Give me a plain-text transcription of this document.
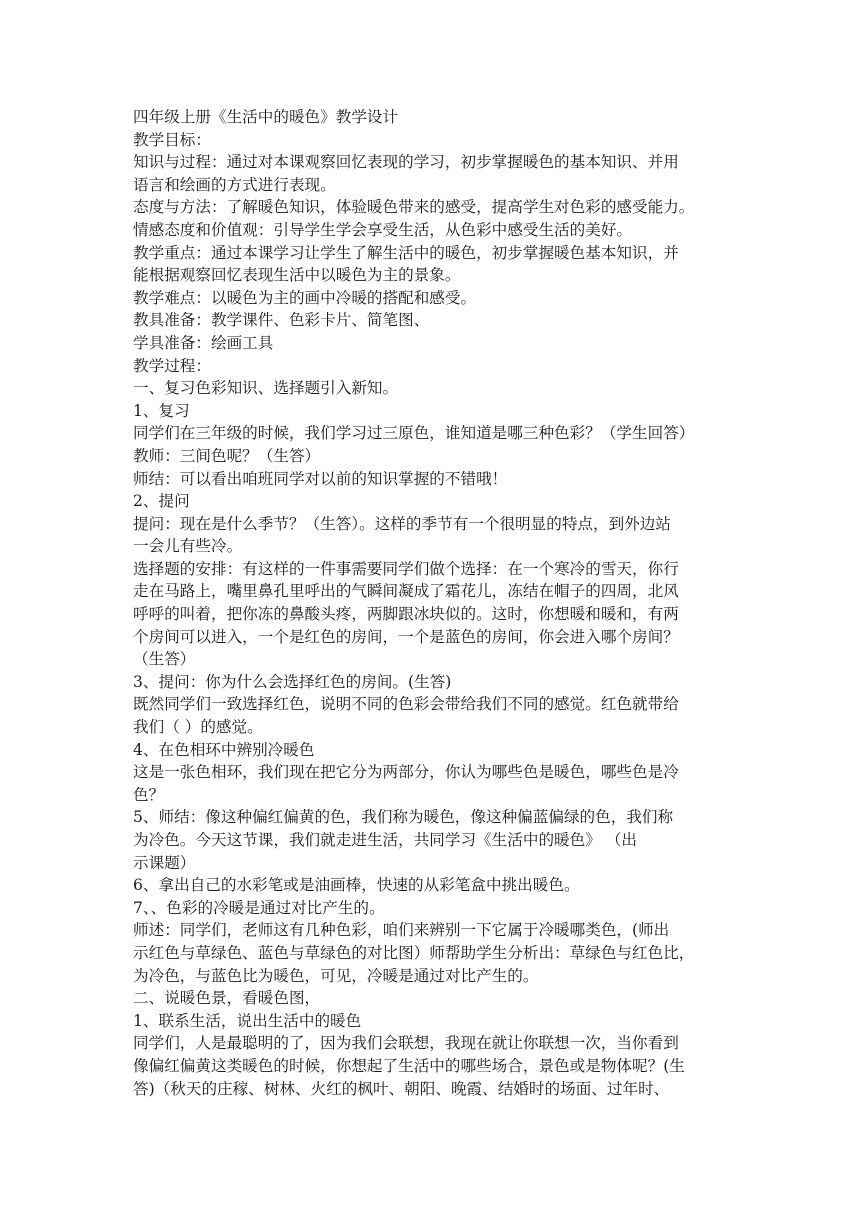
四年级上册《生活中的暖色》教学设计
教学目标：
知识与过程：通过对本课观察回忆表现的学习，初步掌握暖色的基本知识、并用
语言和绘画的方式进行表现。
态度与方法：了解暖色知识，体验暖色带来的感受，提高学生对色彩的感受能力。
情感态度和价值观：引导学生学会享受生活，从色彩中感受生活的美好。
教学重点：通过本课学习让学生了解生活中的暖色，初步掌握暖色基本知识，并
能根据观察回忆表现生活中以暖色为主的景象。
教学难点：以暖色为主的画中冷暖的搭配和感受。
教具准备：教学课件、色彩卡片、简笔图、
学具准备：绘画工具
教学过程：
一、复习色彩知识、选择题引入新知。
1、复习
同学们在三年级的时候，我们学习过三原色，谁知道是哪三种色彩？（学生回答）
教师：三间色呢？（生答）
师结：可以看出咱班同学对以前的知识掌握的不错哦！
2、提问
提问：现在是什么季节？（生答）。这样的季节有一个很明显的特点，到外边站
一会儿有些冷。
选择题的安排：有这样的一件事需要同学们做个选择：在一个寒冷的雪天，你行
走在马路上，嘴里鼻孔里呼出的气瞬间凝成了霜花儿，冻结在帽子的四周，北风
呼呼的叫着，把你冻的鼻酸头疼，两脚跟冰块似的。这时，你想暖和暖和，有两
个房间可以进入，一个是红色的房间，一个是蓝色的房间，你会进入哪个房间？
（生答）
3、提问：你为什么会选择红色的房间。(生答)
既然同学们一致选择红色，说明不同的色彩会带给我们不同的感觉。红色就带给
我们（ ）的感觉。
4、在色相环中辨别冷暖色
这是一张色相环，我们现在把它分为两部分，你认为哪些色是暖色，哪些色是冷
色？
5、师结：像这种偏红偏黄的色，我们称为暖色，像这种偏蓝偏绿的色，我们称
为冷色。今天这节课，我们就走进生活，共同学习《生活中的暖色》 （出
示课题）
6、拿出自己的水彩笔或是油画棒，快速的从彩笔盒中挑出暖色。
7、、色彩的冷暖是通过对比产生的。
师述：同学们，老师这有几种色彩，咱们来辨别一下它属于冷暖哪类色，(师出
示红色与草绿色、蓝色与草绿色的对比图）师帮助学生分析出：草绿色与红色比，
为冷色，与蓝色比为暖色，可见，冷暖是通过对比产生的。
二、说暖色景，看暖色图，
1、联系生活，说出生活中的暖色
同学们，人是最聪明的了，因为我们会联想，我现在就让你联想一次，当你看到
像偏红偏黄这类暖色的时候，你想起了生活中的哪些场合，景色或是物体呢？(生
答)（秋天的庄稼、树林、火红的枫叶、朝阳、晚霞、结婚时的场面、过年时、
